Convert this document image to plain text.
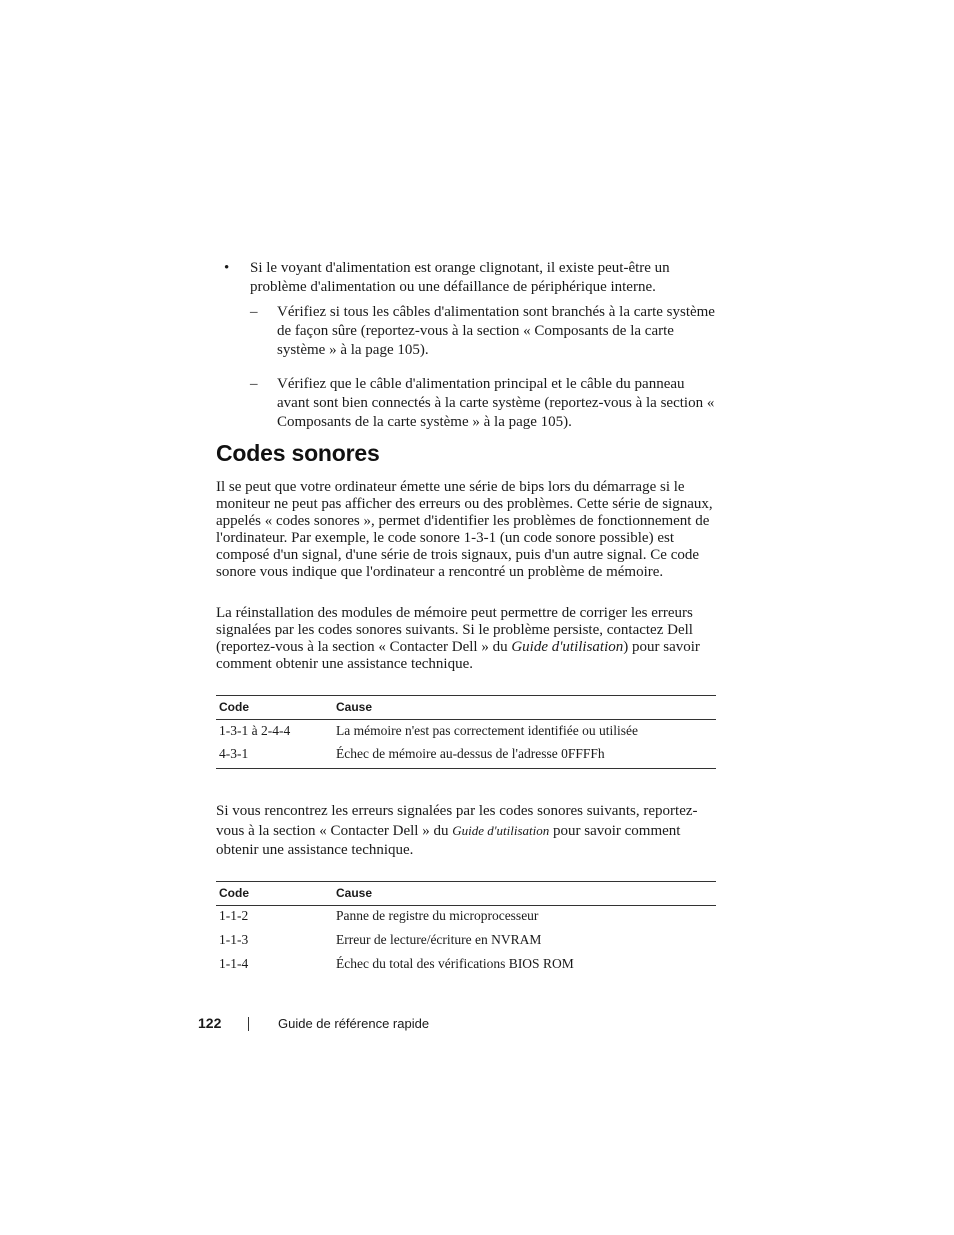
• Si le voyant d'alimentation est orange clignotant, il existe peut-être un problème d'alimentation ou une défaillance de périphérique interne.

– Vérifiez si tous les câbles d'alimentation sont branchés à la carte système de façon sûre (reportez-vous à la section « Composants de la carte système » à la page 105).

– Vérifiez que le câble d'alimentation principal et le câble du panneau avant sont bien connectés à la carte système (reportez-vous à la section « Composants de la carte système » à la page 105).

Codes sonores

Il se peut que votre ordinateur émette une série de bips lors du démarrage si le moniteur ne peut pas afficher des erreurs ou des problèmes. Cette série de signaux, appelés « codes sonores », permet d'identifier les problèmes de fonctionnement de l'ordinateur. Par exemple, le code sonore 1-3-1 (un code sonore possible) est composé d'un signal, d'une série de trois signaux, puis d'un autre signal. Ce code sonore vous indique que l'ordinateur a rencontré un problème de mémoire.

La réinstallation des modules de mémoire peut permettre de corriger les erreurs signalées par les codes sonores suivants. Si le problème persiste, contactez Dell (reportez-vous à la section « Contacter Dell » du Guide d'utilisation) pour savoir comment obtenir une assistance technique.

Code	Cause
1-3-1 à 2-4-4	La mémoire n'est pas correctement identifiée ou utilisée
4-3-1	Échec de mémoire au-dessus de l'adresse 0FFFFh

Si vous rencontrez les erreurs signalées par les codes sonores suivants, reportez-vous à la section « Contacter Dell » du Guide d'utilisation pour savoir comment obtenir une assistance technique.

Code	Cause
1-1-2	Panne de registre du microprocesseur
1-1-3	Erreur de lecture/écriture en NVRAM
1-1-4	Échec du total des vérifications BIOS ROM
122	Guide de référence rapide
